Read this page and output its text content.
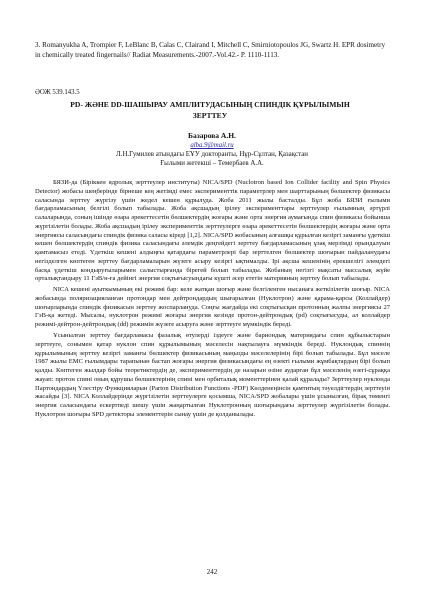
3. Romanyukha A, Trompier F, LeBlanc B, Calas C, Clairand I, Mitchell C, Smirniotopoulos JG, Swartz H. EPR dosimetry in chemically treated fingernails// Radiat Measurements.-2007.-Vol.42.- P. 1110-1113.
ӘОЖ 539.143.5
PD- ЖӘНЕ DD-ШАШЫРАУ АМПЛИТУДАСЫНЫҢ СПИНДІК ҚҰРЫЛЫМЫН
ЗЕРТТЕУ
Базарова А.Н.
alba.9@mail.ru
Л.Н.Гумилев атындағы ЕҰУ докторанты, Нұр-Сұлтан, Қазақстан
Ғылыми жетекші – Темербаев А.А.

БЯЗИ-да (Біріккен ядролық зерттеулер институты) NICA/SPD (Nuclotron based Ion Collider facility and Spin Physics Detector) жобасы шеңберінде бірнеше кең жетімді емес эксперименттік параметрлер мен шарттарының бөлшектер физикасы саласында зерттеу жүргізу үшін жедел кешен құрылуда. Жоба 2011 жылы басталды. Бұл жоба БЯЗИ ғылыми бағдарламасының белгілі болып табылады. Жоба ақсшадың ірілеу эксперименттары зерттеулер ғылымның әртүрлі салаларында, соның ішінде өзара әрекеттесетін бөлшектердің жоғары және орта энергия аумағында спин физикасы бойынша жүргізілетін болады. Жоба ақсшадың ірілеу эксперименттік зерттеулерге өзара әрекеттесетін бөлшектердің жоғары және орта энергиясы саласындағы спиндік физика саласы кіреді [1,2]. NICA/SPD жобасының алғашқы құрылған кезіргі заманғы үдеткіш кешен бөлшектердің спиндік физика саласындағы әлемдік деңгейдегі зерттеу бағдарламасының ұзақ мерзімді орындалуын қамтамасыз етеді. Үдеткіш кешені алдыңғы қатардағы параметрлері бар зерттелген бөлшектер шоғырын пайдаланудағы негізделген көптеген зерттеу бағдарламаларын жүзеге асыру кезіргі ықтималды. Ірі ақсша кешенінің ерекшелігі әлемдегі басқа үдеткіш кондыруғыларымен салыстырғанда бірегей болып табылады. Жобаның негізгі мақсаты массалық жүйе орталықтандыру 11 ГэВ/н-ға дейінгі энергия соқтығысуындағы күшті әсер ететін материяның зерттеу болып табылады.

NICA кешені ауыткымының екі режимі бар: келе жатқан шоғыр және белгіленген нысанаға жеткізілетін шоғыр. NICA жобасында поляризацияланған протондар мен дейтрондардың шығарылған (Нуклотрон) және қарама-қарсы (Коллайдер) шоғырларында спиндік физикасын зерттеу жоспарлануда. Соңғы жағдайда екі соқтығысқан протонның жалпы энергиясы 27 ГэВ-қа жетеді. Мысалы, нуклотрон режимі жоғары энергия кезінде протон-дейтрондық (pd) соқтығысуды, ал коллайдер режимі-дейтрон-дейтрондық (dd) режимін жүзеге асыруға және зерттеуге мүмкіндік береді.

Ұсынылған зерттеу бағдарламасы фазалық өтулерді іздеуге және бариондық материядағы спин құбылыстарын зерттеуге, сонымен қатар нуклон спин құрылымының мәселесін нақтылауға мүмкіндік береді. Нуклондық спиннің құрылымының зерттеу кезіргі заманғы бөлшектер физикасының маңызды мәселелерінің бірі болып табылады. Бұл мәселе 1987 жылы ЕМС ғылымдары тарапынан бастап жоғары энергия физикасындағы ең өзекті ғылыми жұмбақтардың бірі болып қалды. Көптеген жылдар бойы теоретиктердің де, эксперименттердің де назарын өзіне аударған бұл мәселенің өзегі-сұраққа жауап: протон спині оның құрушы бөлшектерінің спині мен орбиталық моменттерінен қалай құралады? Зерттеулер нуклонда Партондардың Үлестіру Функцияларын (Parton Distribution Functions -PDF) Көлденеңінсін қамтитың тәуелдігтердің зерттеуін жасайды [3]. NICA Коллайдерінде жүргізілетін зерттеулерге қосымша, NICA/SPD жобалары үшін ұсынылған, бірақ төменгі энергия саласындағы ескертпеді шешу үшін жаңартылған Нуклотронның шоғырындағы зерттеулер жүргізілетін болады. Нуклотрон шоғыры SPD детекторы элементтерін сынау үшін де қолданылады.

242
